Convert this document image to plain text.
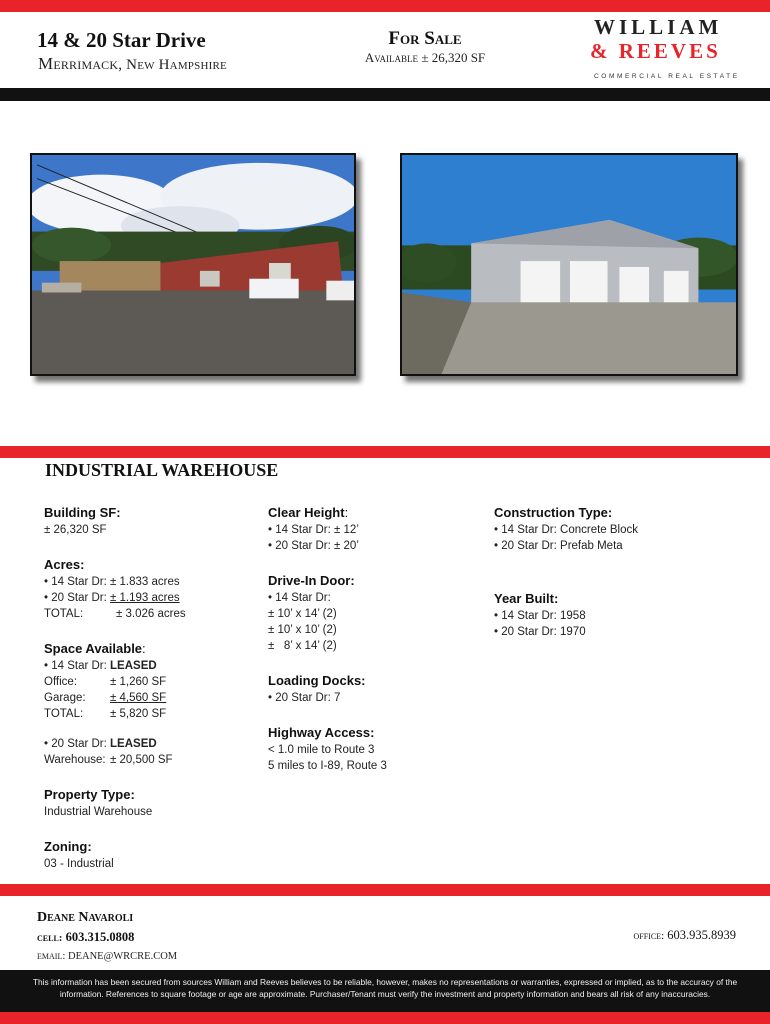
14 & 20 Star Drive
Merrimack, New Hampshire
For Sale
Available ± 26,320 SF
WILLIAM
& REEVES
COMMERCIAL REAL ESTATE
INDUSTRIAL WAREHOUSE
Building SF:
± 26,320 SF
Acres:
• 14 Star Dr: ± 1.833 acres
• 20 Star Dr: ± 1.193 acres
TOTAL:	± 3.026 acres
Space Available:
• 14 Star Dr: LEASED
Office:	± 1,260 SF
Garage:	± 4,560 SF
TOTAL:	± 5,820 SF
• 20 Star Dr: LEASED
Warehouse: ± 20,500 SF
Property Type:
Industrial Warehouse
Zoning:
03 - Industrial
Clear Height:
• 14 Star Dr: ± 12’
• 20 Star Dr: ± 20’
Drive-In Door:
• 14 Star Dr:
± 10’ x 14’ (2)
± 10’ x 10’ (2)
±   8’ x 14’ (2)
Loading Docks:
• 20 Star Dr: 7
Highway Access:
< 1.0 mile to Route 3
5 miles to I-89, Route 3
Construction Type:
• 14 Star Dr: Concrete Block
• 20 Star Dr: Prefab Meta
Year Built:
• 14 Star Dr: 1958
• 20 Star Dr: 1970
Deane Navaroli
cell: 603.315.0808
email: DEANE@WRCRE.COM
office: 603.935.8939
This information has been secured from sources William and Reeves believes to be reliable, however, makes no representations or warranties, expressed or implied, as to the accuracy of the information. References to square footage or age are approximate. Purchaser/Tenant must verify the investment and property information and bears all risk of any inaccuracies.
